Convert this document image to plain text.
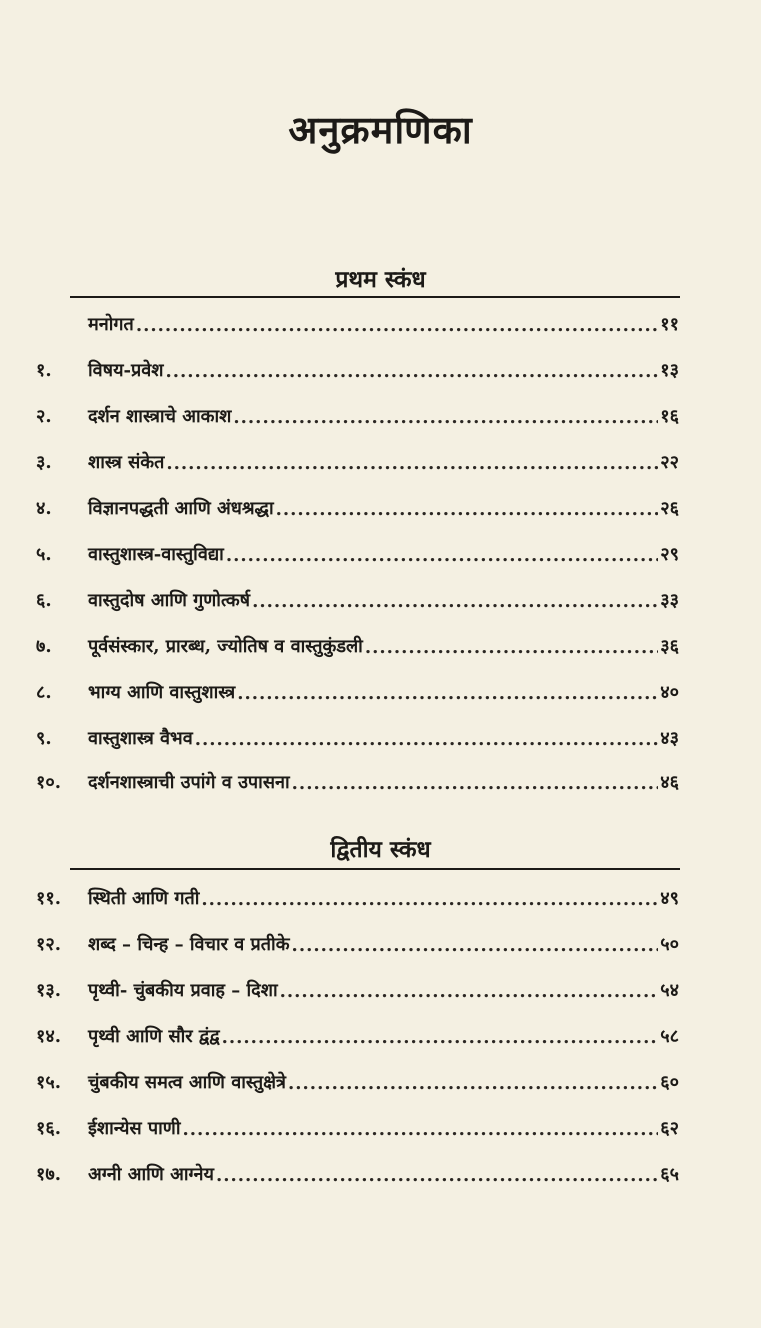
अनुक्रमणिका
प्रथम स्कंध
मनोगत .....	११
१.	विषय-प्रवेश .....	१३
२.	दर्शन शास्त्राचे आकाश .....	१६
३.	शास्त्र संकेत .....	२२
४.	विज्ञानपद्धती आणि अंधश्रद्धा .....	२६
५.	वास्तुशास्त्र-वास्तुविद्या .....	२९
६.	वास्तुदोष आणि गुणोत्कर्ष .....	३३
७.	पूर्वसंस्कार, प्रारब्ध, ज्योतिष व वास्तुकुंडली .....	३६
८.	भाग्य आणि वास्तुशास्त्र .....	४०
९.	वास्तुशास्त्र वैभव .....	४३
१०.	दर्शनशास्त्राची उपांगे व उपासना .....	४६
द्वितीय स्कंध
११.	स्थिती आणि गती .....	४९
१२.	शब्द – चिन्ह – विचार व प्रतीके .....	५०
१३.	पृथ्वी- चुंबकीय प्रवाह – दिशा .....	५४
१४.	पृथ्वी आणि सौर द्वंद्व .....	५८
१५.	चुंबकीय समत्व आणि वास्तुक्षेत्रे .....	६०
१६.	ईशान्येस पाणी .....	६२
१७.	अग्नी आणि आग्नेय .....	६५
